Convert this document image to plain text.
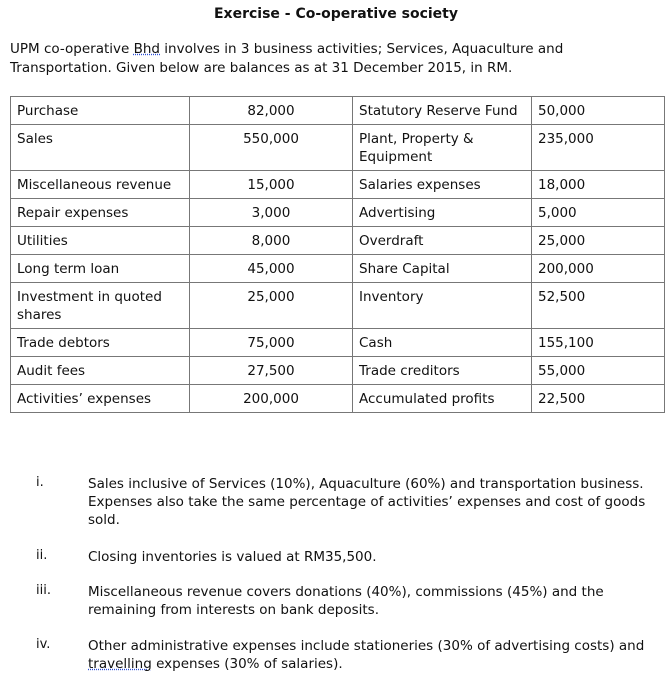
Exercise - Co-operative society
UPM co-operative Bhd involves in 3 business activities; Services, Aquaculture and Transportation. Given below are balances as at 31 December 2015, in RM.
Purchase	82,000	Statutory Reserve Fund	50,000
Sales	550,000	Plant, Property & Equipment	235,000
Miscellaneous revenue	15,000	Salaries expenses	18,000
Repair expenses	3,000	Advertising	5,000
Utilities	8,000	Overdraft	25,000
Long term loan	45,000	Share Capital	200,000
Investment in quoted shares	25,000	Inventory	52,500
Trade debtors	75,000	Cash	155,100
Audit fees	27,500	Trade creditors	55,000
Activities’ expenses	200,000	Accumulated profits	22,500
i.	Sales inclusive of Services (10%), Aquaculture (60%) and transportation business. Expenses also take the same percentage of activities’ expenses and cost of goods sold.
ii.	Closing inventories is valued at RM35,500.
iii.	Miscellaneous revenue covers donations (40%), commissions (45%) and the remaining from interests on bank deposits.
iv.	Other administrative expenses include stationeries (30% of advertising costs) and travelling expenses (30% of salaries).
